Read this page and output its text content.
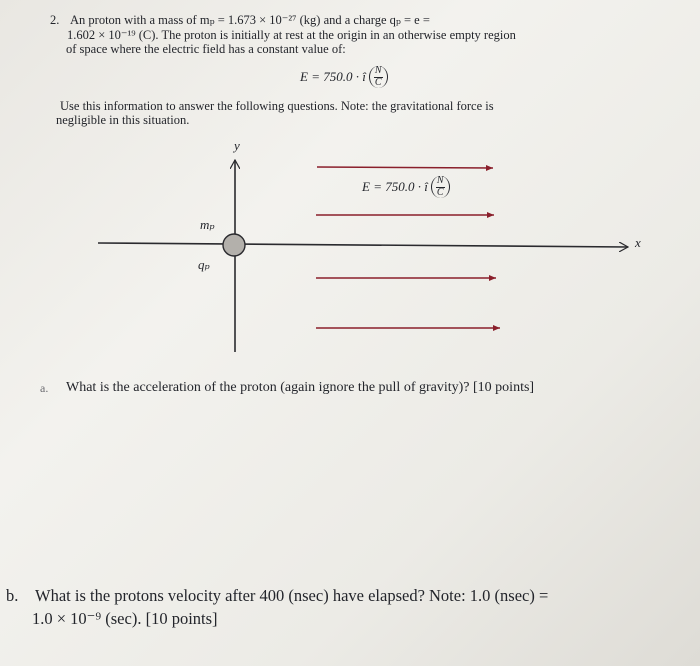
2. An proton with a mass of mₚ = 1.673 × 10⁻²⁷ (kg) and a charge qₚ = e =
1.602 × 10⁻¹⁹ (C). The proton is initially at rest at the origin in an otherwise empty region
of space where the electric field has a constant value of:
E = 750.0 · î $\frac{N}{C}$
Use this information to answer the following questions. Note: the gravitational force is
negligible in this situation.
y
x
mₚ
qₚ
E = 750.0 · î $\frac{N}{C}$
a. What is the acceleration of the proton (again ignore the pull of gravity)? [10 points]
b. What is the protons velocity after 400 (nsec) have elapsed? Note: 1.0 (nsec) =
1.0 × 10⁻⁹ (sec). [10 points]
